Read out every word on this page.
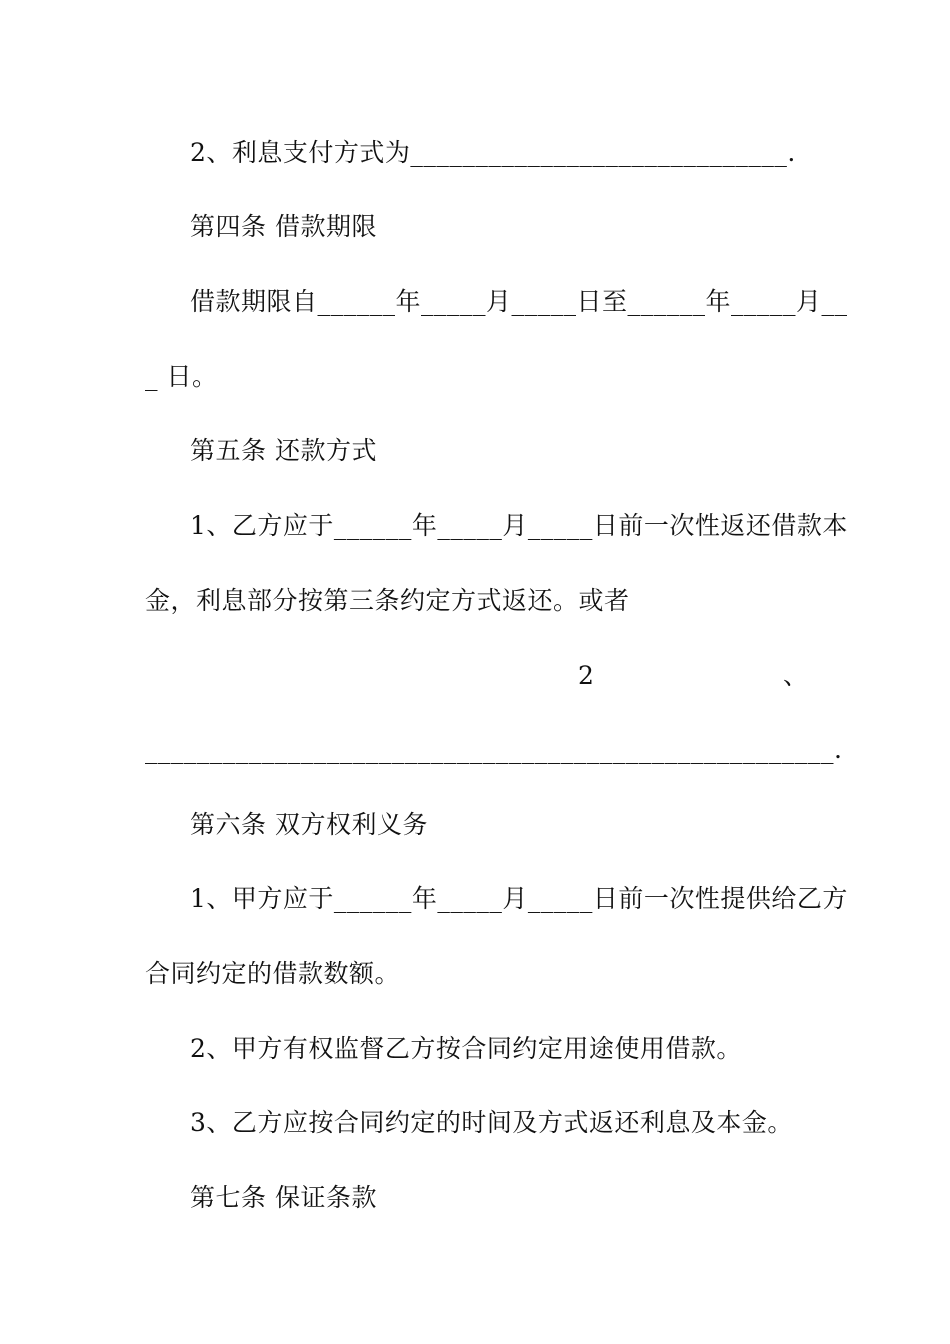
2、利息支付方式为_____________________________.
第四条 借款期限
借款期限自______年_____月_____日至______年_____月__
_ 日。
第五条 还款方式
1、乙方应于______年_____月_____日前一次性返还借款本
金，利息部分按第三条约定方式返还。或者
2	、
_____________________________________________________.
第六条 双方权利义务
1、甲方应于______年_____月_____日前一次性提供给乙方
合同约定的借款数额。
2、甲方有权监督乙方按合同约定用途使用借款。
3、乙方应按合同约定的时间及方式返还利息及本金。
第七条 保证条款
